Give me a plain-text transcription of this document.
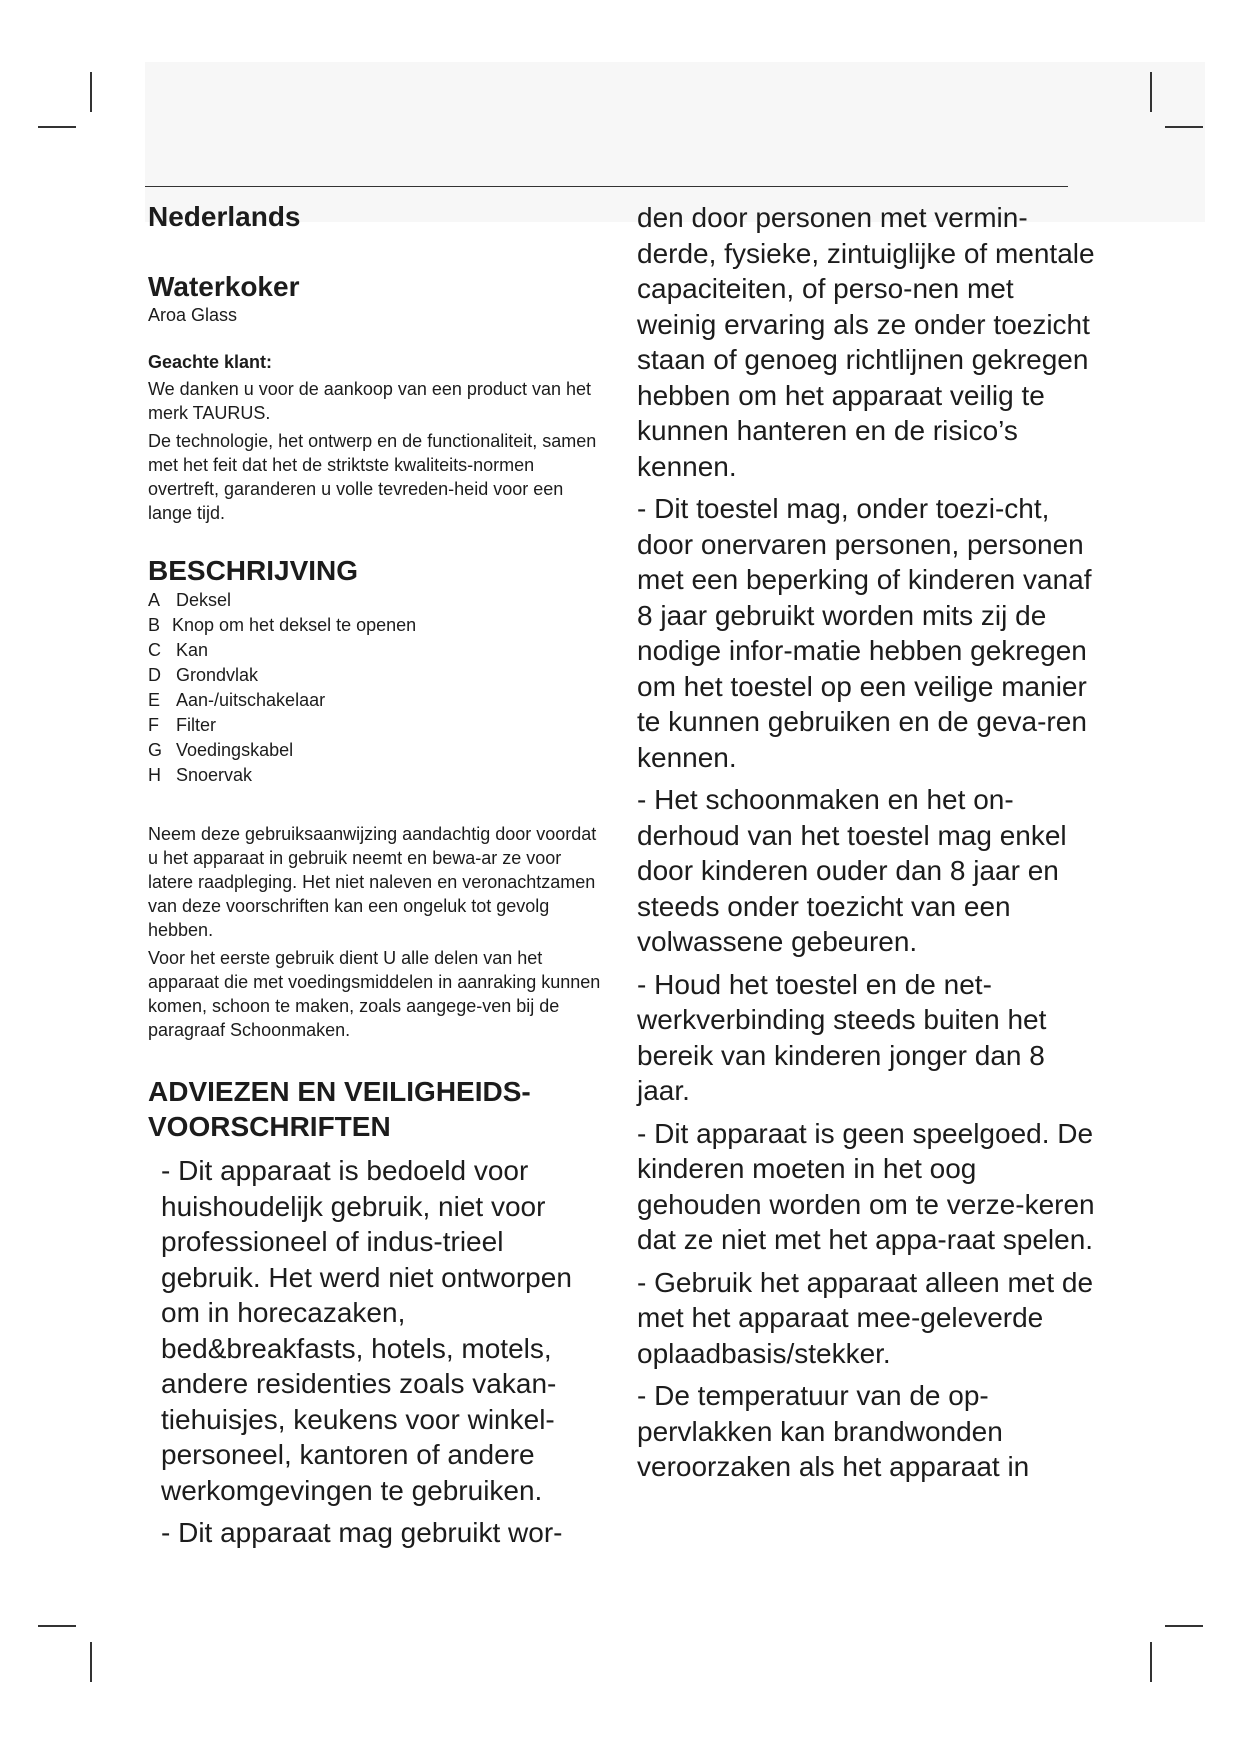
Nederlands
Waterkoker

Aroa Glass

Geachte klant:

We danken u voor de aankoop van een product van het merk TAURUS.

De technologie, het ontwerp en de functionaliteit, samen met het feit dat het de striktste kwaliteits-normen overtreft, garanderen u volle tevreden-heid voor een lange tijd.

BESCHRIJVING
A Deksel
B Knop om het deksel te openen
C Kan
D Grondvlak
E Aan-/uitschakelaar
F Filter
G Voedingskabel
H Snoervak

Neem deze gebruiksaanwijzing aandachtig door voordat u het apparaat in gebruik neemt en bewa-ar ze voor latere raadpleging. Het niet naleven en veronachtzamen van deze voorschriften kan een ongeluk tot gevolg hebben.

Voor het eerste gebruik dient U alle delen van het apparaat die met voedingsmiddelen in aanraking kunnen komen, schoon te maken, zoals aangege-ven bij de paragraaf Schoonmaken.

ADVIEZEN EN VEILIGHEIDS-
VOORSCHRIFTEN

- Dit apparaat is bedoeld voor huishoudelijk gebruik, niet voor professioneel of indus-trieel gebruik. Het werd niet ontworpen om in horecazaken, bed&breakfasts, hotels, motels, andere residenties zoals vakan-tiehuisjes, keukens voor winkel-personeel, kantoren of andere werkomgevingen te gebruiken.

- Dit apparaat mag gebruikt wor-

den door personen met vermin-derde, fysieke, zintuiglijke of mentale capaciteiten, of perso-nen met weinig ervaring als ze onder toezicht staan of genoeg richtlijnen gekregen hebben om het apparaat veilig te kunnen hanteren en de risico’s kennen.

- Dit toestel mag, onder toezi-cht, door onervaren personen, personen met een beperking of kinderen vanaf 8 jaar gebruikt worden mits zij de nodige infor-matie hebben gekregen om het toestel op een veilige manier te kunnen gebruiken en de geva-ren kennen.

- Het schoonmaken en het on-derhoud van het toestel mag enkel door kinderen ouder dan 8 jaar en steeds onder toezicht van een volwassene gebeuren.

- Houd het toestel en de net-werkverbinding steeds buiten het bereik van kinderen jonger dan 8 jaar.

- Dit apparaat is geen speelgoed. De kinderen moeten in het oog gehouden worden om te verze-keren dat ze niet met het appa-raat spelen.

- Gebruik het apparaat alleen met de met het apparaat mee-geleverde oplaadbasis/stekker.

- De temperatuur van de op-pervlakken kan brandwonden veroorzaken als het apparaat in
